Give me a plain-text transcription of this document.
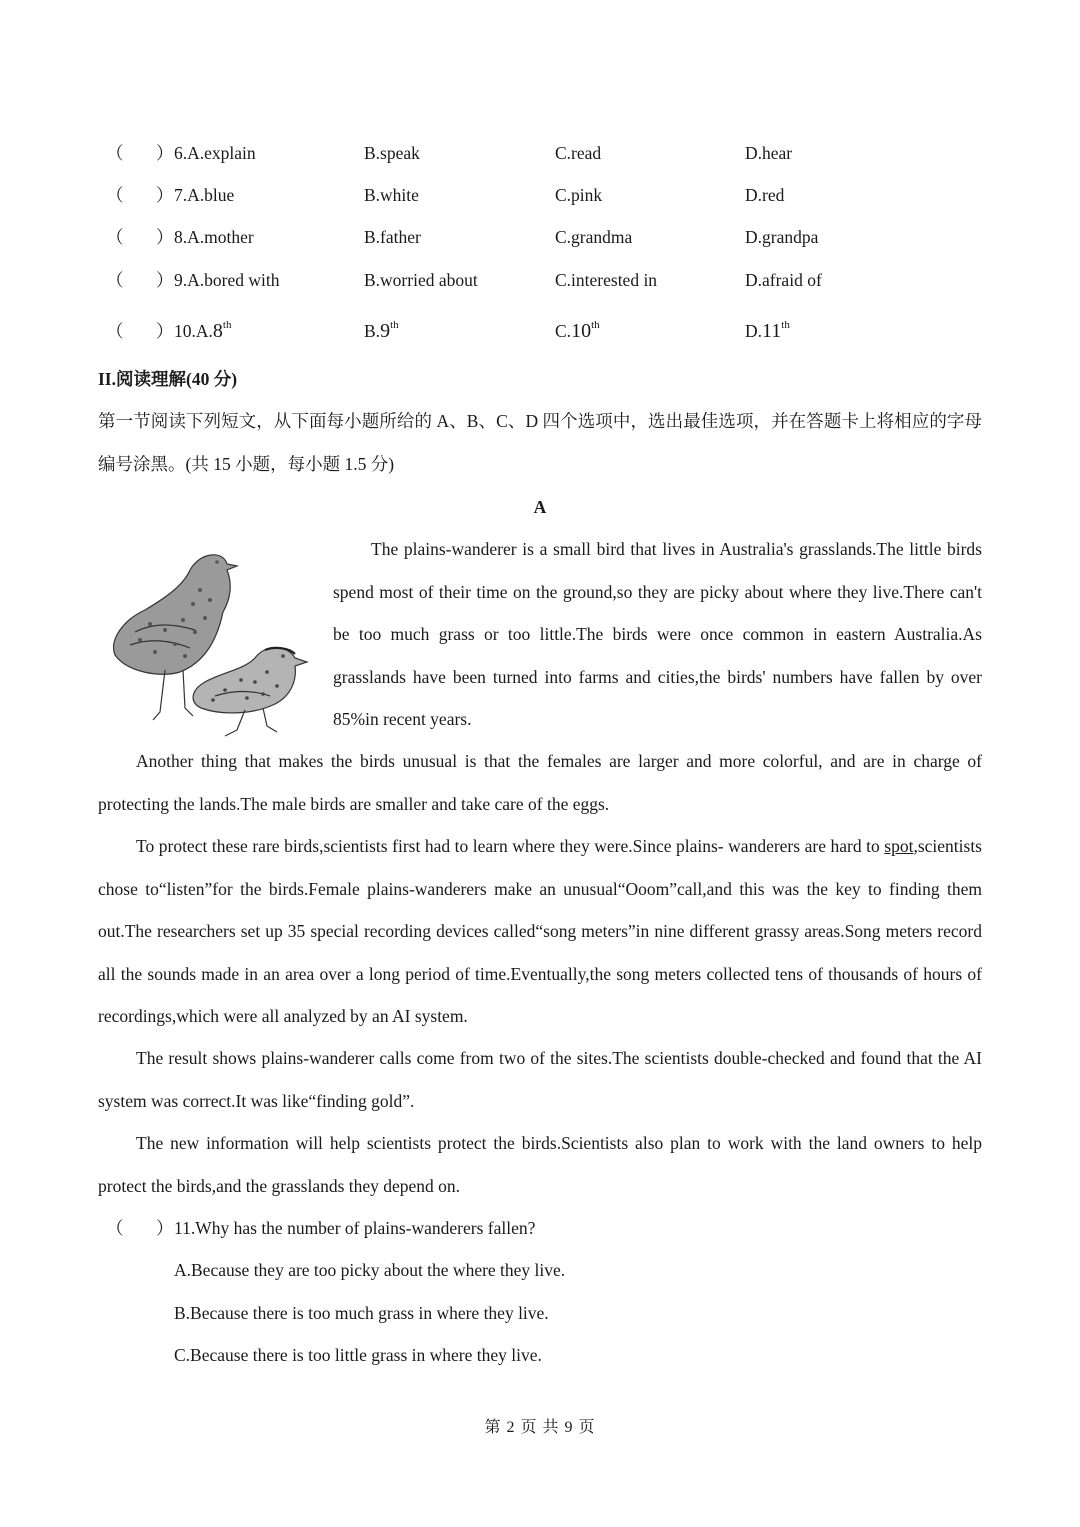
（ ） 6.A.explain	B.speak	C.read	D.hear
（ ） 7.A.blue	B.white	C.pink	D.red
（ ） 8.A.mother	B.father	C.grandma	D.grandpa
（ ） 9.A.bored with	B.worried about	C.interested in	D.afraid of
（ ） 10.A.8th	B.9th	C.10th	D.11th
II.阅读理解(40 分)
第一节阅读下列短文，从下面每小题所给的 A、B、C、D 四个选项中，选出最佳选项，并在答题卡上将相应的字母编号涂黑。(共 15 小题，每小题 1.5 分)
A
The plains-wanderer is a small bird that lives in Australia's grasslands.The little birds spend most of their time on the ground,so they are picky about where they live.There can't be too much grass or too little.The birds were once common in eastern Australia.As grasslands have been turned into farms and cities,the birds' numbers have fallen by over 85%in recent years.
Another thing that makes the birds unusual is that the females are larger and more colorful, and are in charge of protecting the lands.The male birds are smaller and take care of the eggs.
To protect these rare birds,scientists first had to learn where they were.Since plains- wanderers are hard to spot,scientists chose to“listen”for the birds.Female plains-wanderers make an unusual“Ooom”call,and this was the key to finding them out.The researchers set up 35 special recording devices called“song meters”in nine different grassy areas.Song meters record all the sounds made in an area over a long period of time.Eventually,the song meters collected tens of thousands of hours of recordings,which were all analyzed by an AI system.
The result shows plains-wanderer calls come from two of the sites.The scientists double-checked and found that the AI system was correct.It was like“finding gold”.
The new information will help scientists protect the birds.Scientists also plan to work with the land owners to help protect the birds,and the grasslands they depend on.
（ ） 11.Why has the number of plains-wanderers fallen?
A.Because they are too picky about the where they live.
B.Because there is too much grass in where they live.
C.Because there is too little grass in where they live.
第 2 页 共 9 页
